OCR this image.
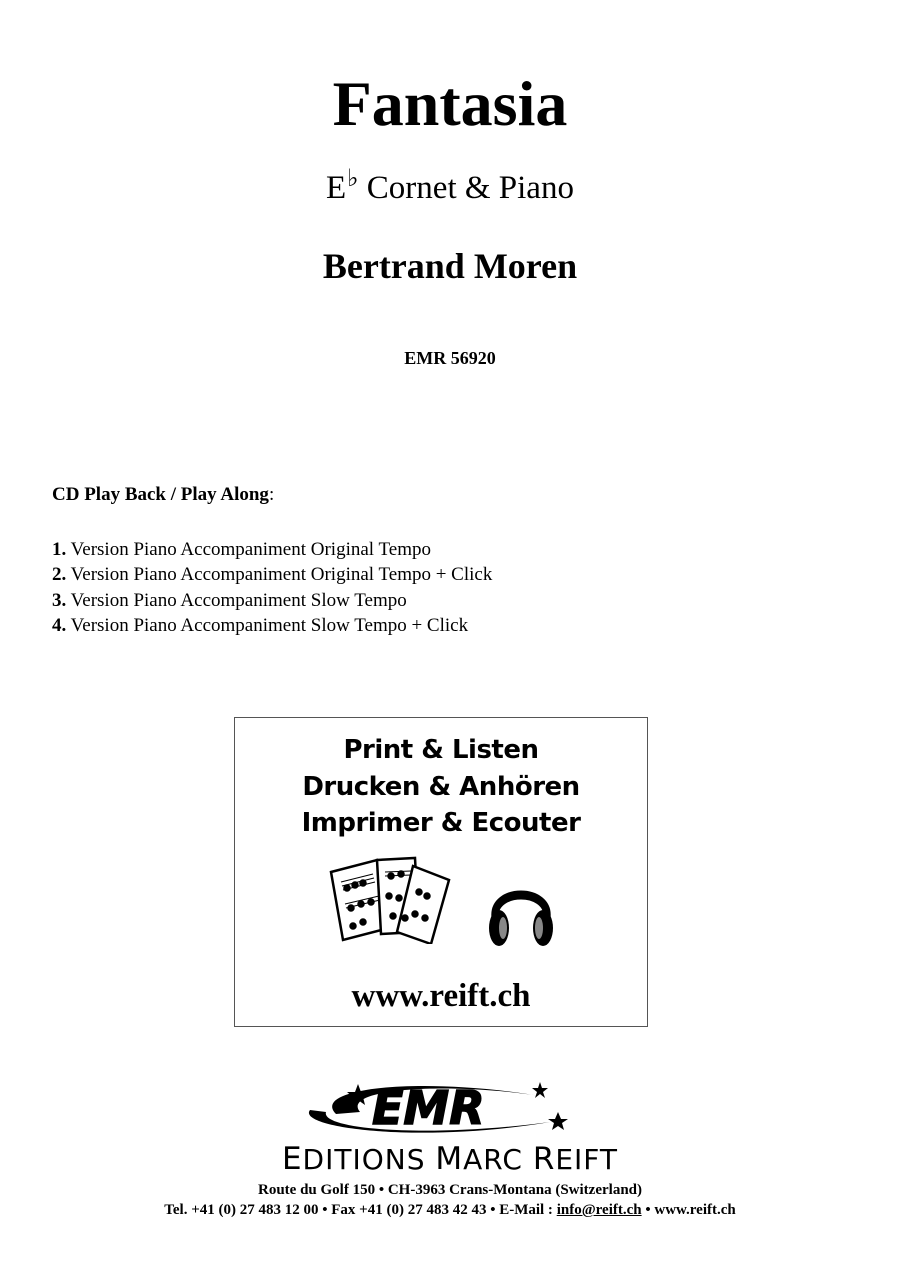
Fantasia
E♭ Cornet & Piano
Bertrand Moren
EMR 56920
CD Play Back / Play Along:
1. Version Piano Accompaniment Original Tempo
2. Version Piano Accompaniment Original Tempo + Click
3. Version Piano Accompaniment Slow Tempo
4. Version Piano Accompaniment Slow Tempo + Click
Print & Listen
Drucken & Anhören
Imprimer & Ecouter
www.reift.ch
EMR
EDITIONS MARC REIFT
Route du Golf 150 • CH-3963 Crans-Montana (Switzerland)
Tel. +41 (0) 27 483 12 00 • Fax +41 (0) 27 483 42 43 • E-Mail : info@reift.ch • www.reift.ch
